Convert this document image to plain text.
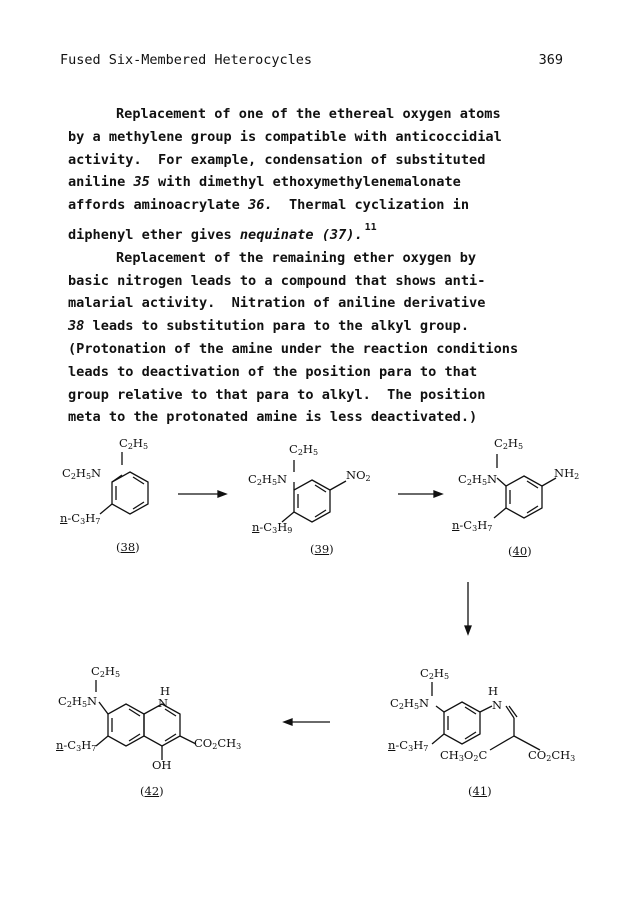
Fused Six-Membered Heterocycles	369

Replacement of one of the ethereal oxygen atoms
by a methylene group is compatible with anticoccidial
activity.  For example, condensation of substituted
aniline 35 with dimethyl ethoxymethylenemalonate
affords aminoacrylate 36.  Thermal cyclization in
diphenyl ether gives nequinate (37). $^{11}$

Replacement of the remaining ether oxygen by
basic nitrogen leads to a compound that shows anti-
malarial activity.  Nitration of aniline derivative
38 leads to substitution para to the alkyl group.
(Protonation of the amine under the reaction conditions
leads to deactivation of the position para to that
group relative to that para to alkyl.  The position
meta to the protonated amine is less deactivated.)

$C_2H_5$
$C_2H_5N$
$n-C_3H_7$
(38)
$C_2H_5$
$C_2H_5N$	$NO_2$
$n-C_3H_9$
(39)
$C_2H_5$
$C_2H_5N$	$NH_2$
$n-C_3H_7$
(40)
$C_2H_5$
$C_2H_5N$
H
N
$n-C_3H_7$ $CH_3O_2C$	$CO_2CH_3$
(41)
$C_2H_5$
$C_2H_5N$
H
N
$n-C_3H_7$	$CO_2CH_3$
OH
(42)
